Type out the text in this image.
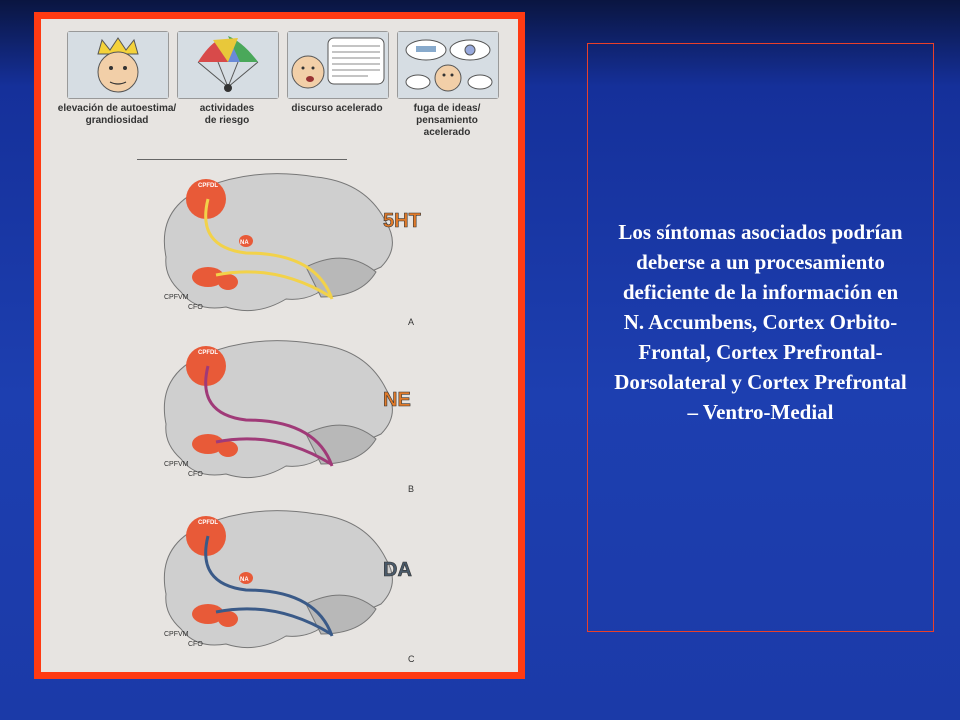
elevación de autoestima/
grandiosidad
actividades
de riesgo
discurso acelerado	fuga de ideas/
pensamiento
acelerado
CPFDL
NA
CPFVM
CFO
5HT
A
CPFDL
CPFVM
CFO
NE
B
CPFDL
NA
CPFVM
CFO
DA
C

Los síntomas asociados podrían deberse a un procesamiento deficiente de la información en N. Accumbens, Cortex Orbito-Frontal, Cortex Prefrontal-Dorsolateral y Cortex Prefrontal – Ventro-Medial
